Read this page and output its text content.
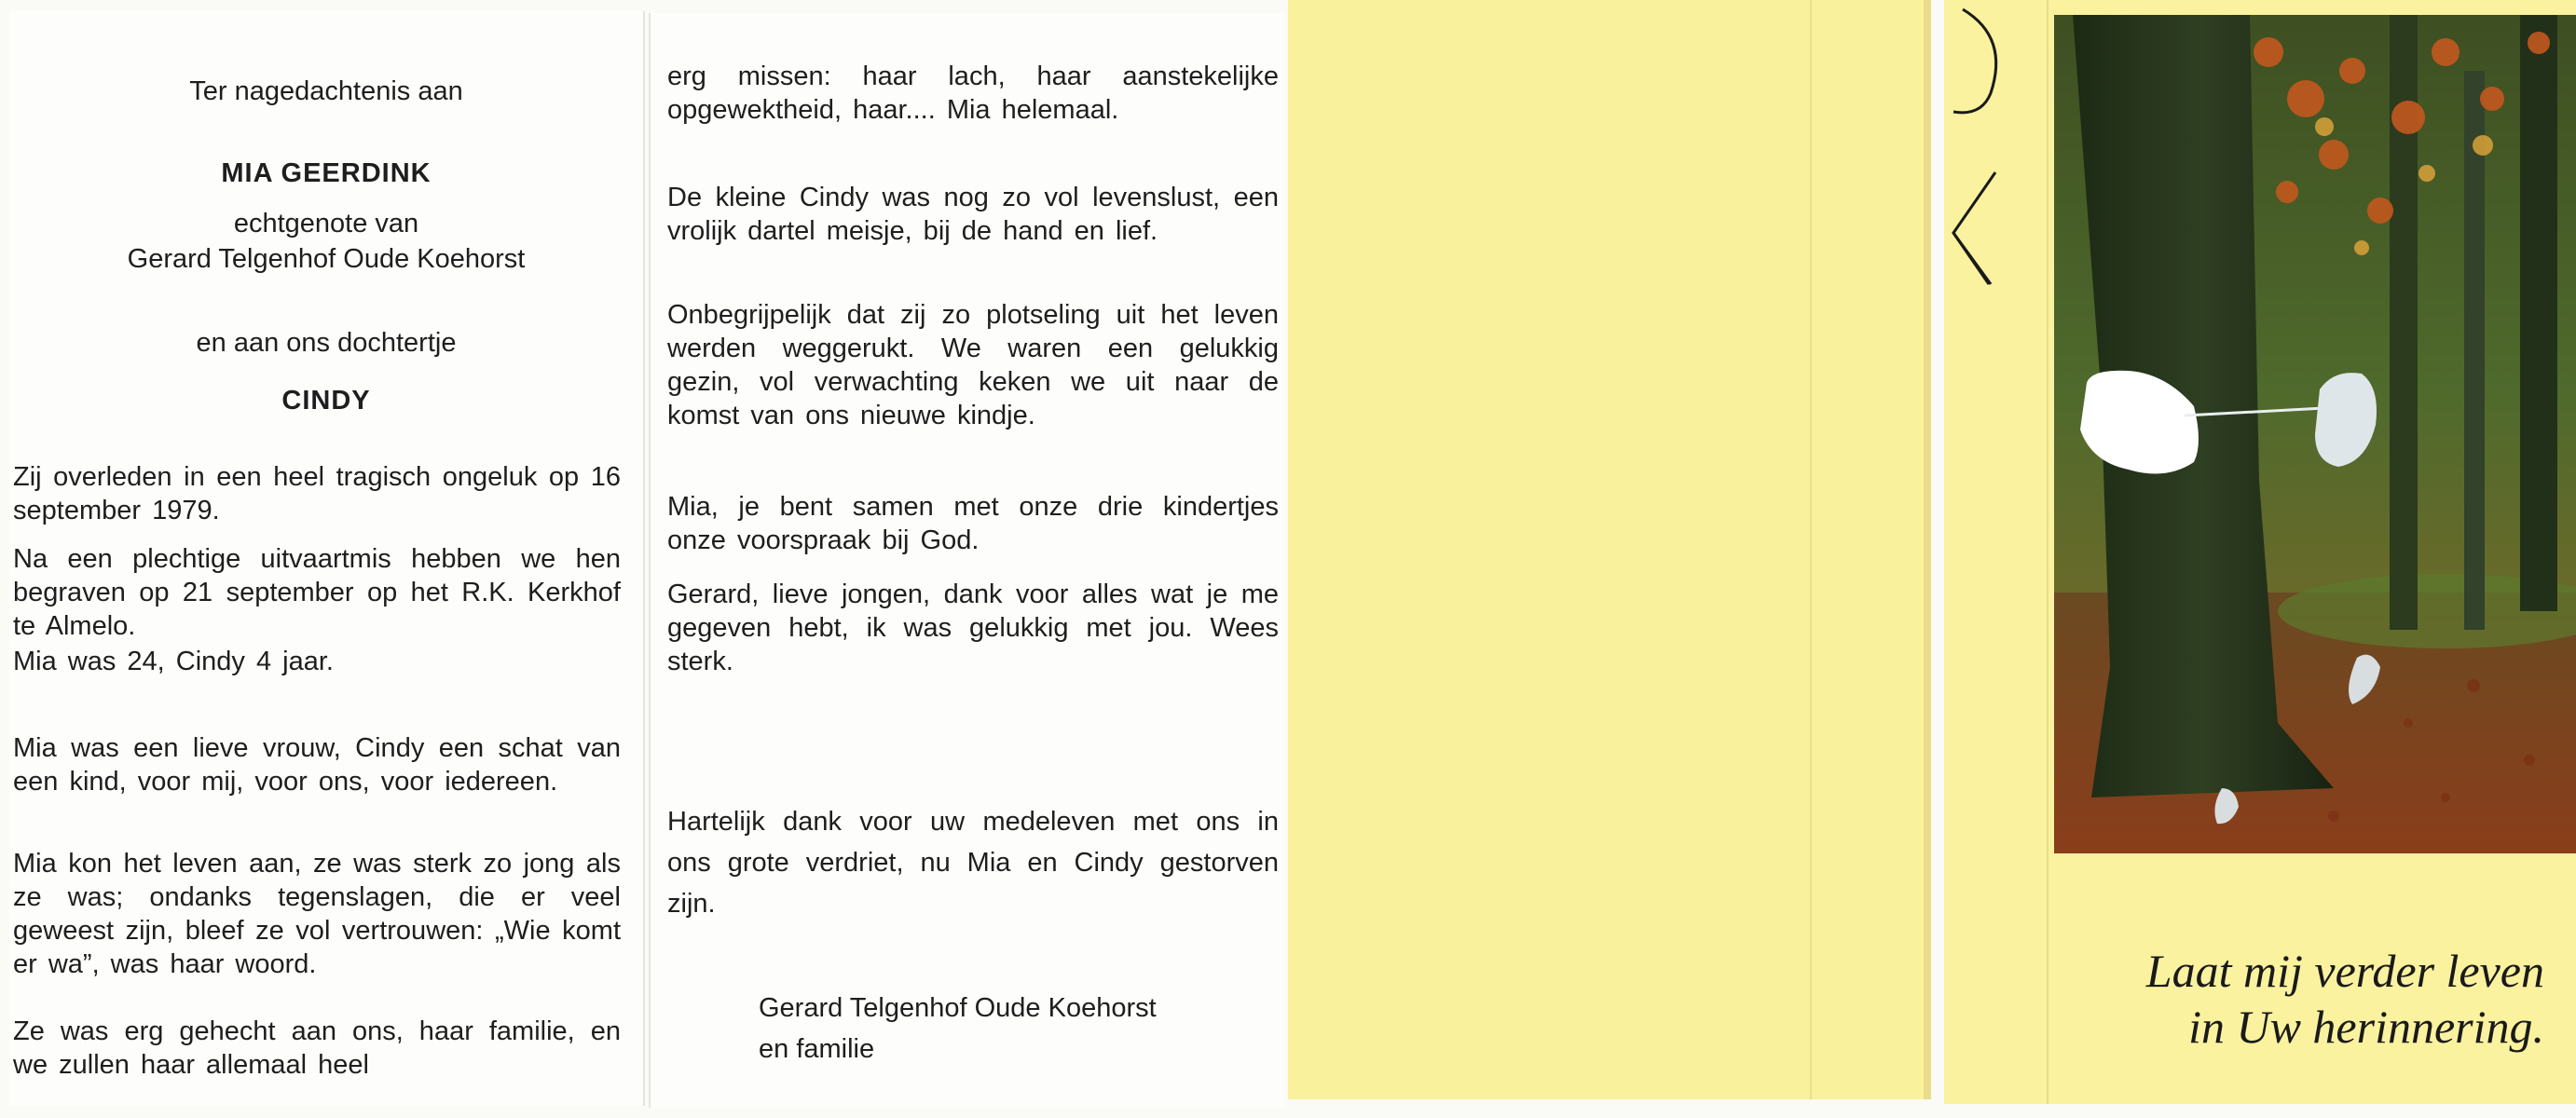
Ter nagedachtenis aan
MIA GEERDINK
echtgenote van
Gerard Telgenhof Oude Koehorst
en aan ons dochtertje
CINDY
Zij overleden in een heel tragisch ongeluk op 16 september 1979.
Na een plechtige uitvaartmis hebben we hen begraven op 21 september op het R.K. Kerkhof te Almelo.
Mia was 24, Cindy 4 jaar.
Mia was een lieve vrouw, Cindy een schat van een kind, voor mij, voor ons, voor iedereen.
Mia kon het leven aan, ze was sterk zo jong als ze was; ondanks tegenslagen, die er veel geweest zijn, bleef ze vol vertrouwen: „Wie komt er wa”, was haar woord.
Ze was erg gehecht aan ons, haar familie, en we zullen haar allemaal heel
erg missen: haar lach, haar aanstekelijke opgewektheid, haar.... Mia helemaal.
De kleine Cindy was nog zo vol levenslust, een vrolijk dartel meisje, bij de hand en lief.
Onbegrijpelijk dat zij zo plotseling uit het leven werden weggerukt. We waren een gelukkig gezin, vol verwachting keken we uit naar de komst van ons nieuwe kindje.
Mia, je bent samen met onze drie kindertjes onze voorspraak bij God.
Gerard, lieve jongen, dank voor alles wat je me gegeven hebt, ik was gelukkig met jou. Wees sterk.
Hartelijk dank voor uw medeleven met ons in ons grote verdriet, nu Mia en Cindy gestorven zijn.
Gerard Telgenhof Oude Koehorst
en familie
Laat mij verder leven
in Uw herinnering.
